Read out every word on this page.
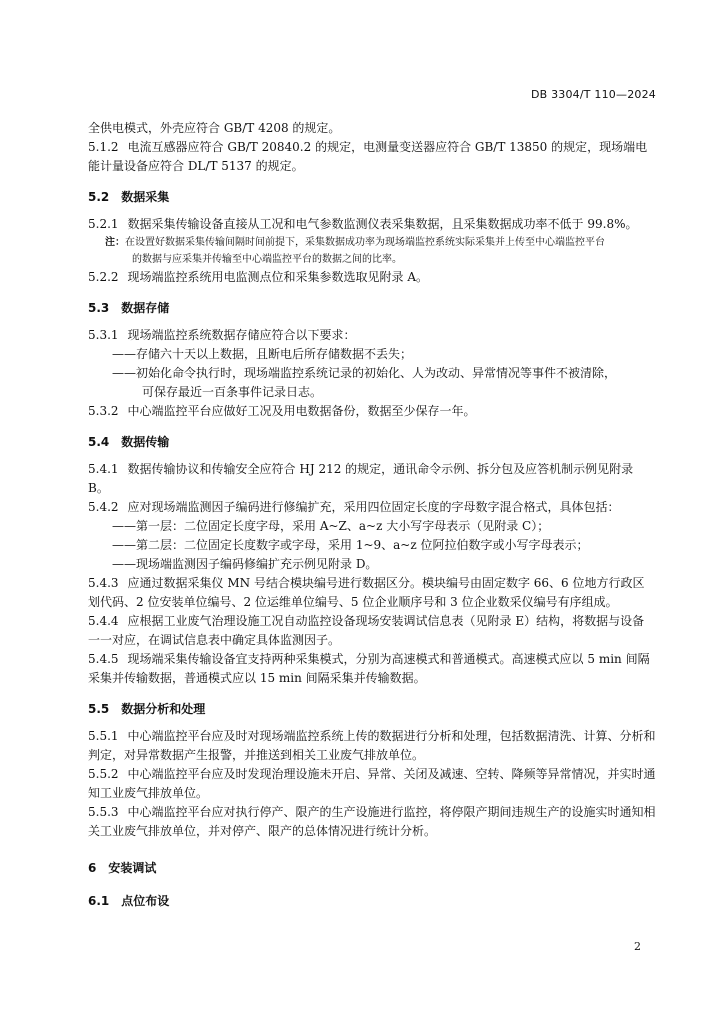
DB 3304/T 110—2024

全供电模式，外壳应符合 GB/T 4208 的规定。

5.1.2 电流互感器应符合 GB/T 20840.2 的规定，电测量变送器应符合 GB/T 13850 的规定，现场端电能计量设备应符合 DL/T 5137 的规定。

5.2 数据采集

5.2.1 数据采集传输设备直接从工况和电气参数监测仪表采集数据，且采集数据成功率不低于 99.8%。

注：在设置好数据采集传输间隔时间前提下，采集数据成功率为现场端监控系统实际采集并上传至中心端监控平台

的数据与应采集并传输至中心端监控平台的数据之间的比率。

5.2.2 现场端监控系统用电监测点位和采集参数选取见附录 A。

5.3 数据存储

5.3.1 现场端监控系统数据存储应符合以下要求：

——存储六十天以上数据，且断电后所存储数据不丢失；

——初始化命令执行时，现场端监控系统记录的初始化、人为改动、异常情况等事件不被清除，

可保存最近一百条事件记录日志。

5.3.2 中心端监控平台应做好工况及用电数据备份，数据至少保存一年。

5.4 数据传输

5.4.1 数据传输协议和传输安全应符合 HJ 212 的规定，通讯命令示例、拆分包及应答机制示例见附录 B。

5.4.2 应对现场端监测因子编码进行修编扩充，采用四位固定长度的字母数字混合格式，具体包括：

——第一层：二位固定长度字母，采用 A~Z、a~z 大小写字母表示（见附录 C）；

——第二层：二位固定长度数字或字母，采用 1~9、a~z 位阿拉伯数字或小写字母表示；

——现场端监测因子编码修编扩充示例见附录 D。

5.4.3 应通过数据采集仪 MN 号结合模块编号进行数据区分。模块编号由固定数字 66、6 位地方行政区划代码、2 位安装单位编号、2 位运维单位编号、5 位企业顺序号和 3 位企业数采仪编号有序组成。

5.4.4 应根据工业废气治理设施工况自动监控设备现场安装调试信息表（见附录 E）结构，将数据与设备一一对应，在调试信息表中确定具体监测因子。

5.4.5 现场端采集传输设备宜支持两种采集模式，分别为高速模式和普通模式。高速模式应以 5 min 间隔采集并传输数据，普通模式应以 15 min 间隔采集并传输数据。

5.5 数据分析和处理

5.5.1 中心端监控平台应及时对现场端监控系统上传的数据进行分析和处理，包括数据清洗、计算、分析和判定，对异常数据产生报警，并推送到相关工业废气排放单位。

5.5.2 中心端监控平台应及时发现治理设施未开启、异常、关闭及减速、空转、降频等异常情况，并实时通知工业废气排放单位。

5.5.3 中心端监控平台应对执行停产、限产的生产设施进行监控，将停限产期间违规生产的设施实时通知相关工业废气排放单位，并对停产、限产的总体情况进行统计分析。

6 安装调试
6.1 点位布设
2
